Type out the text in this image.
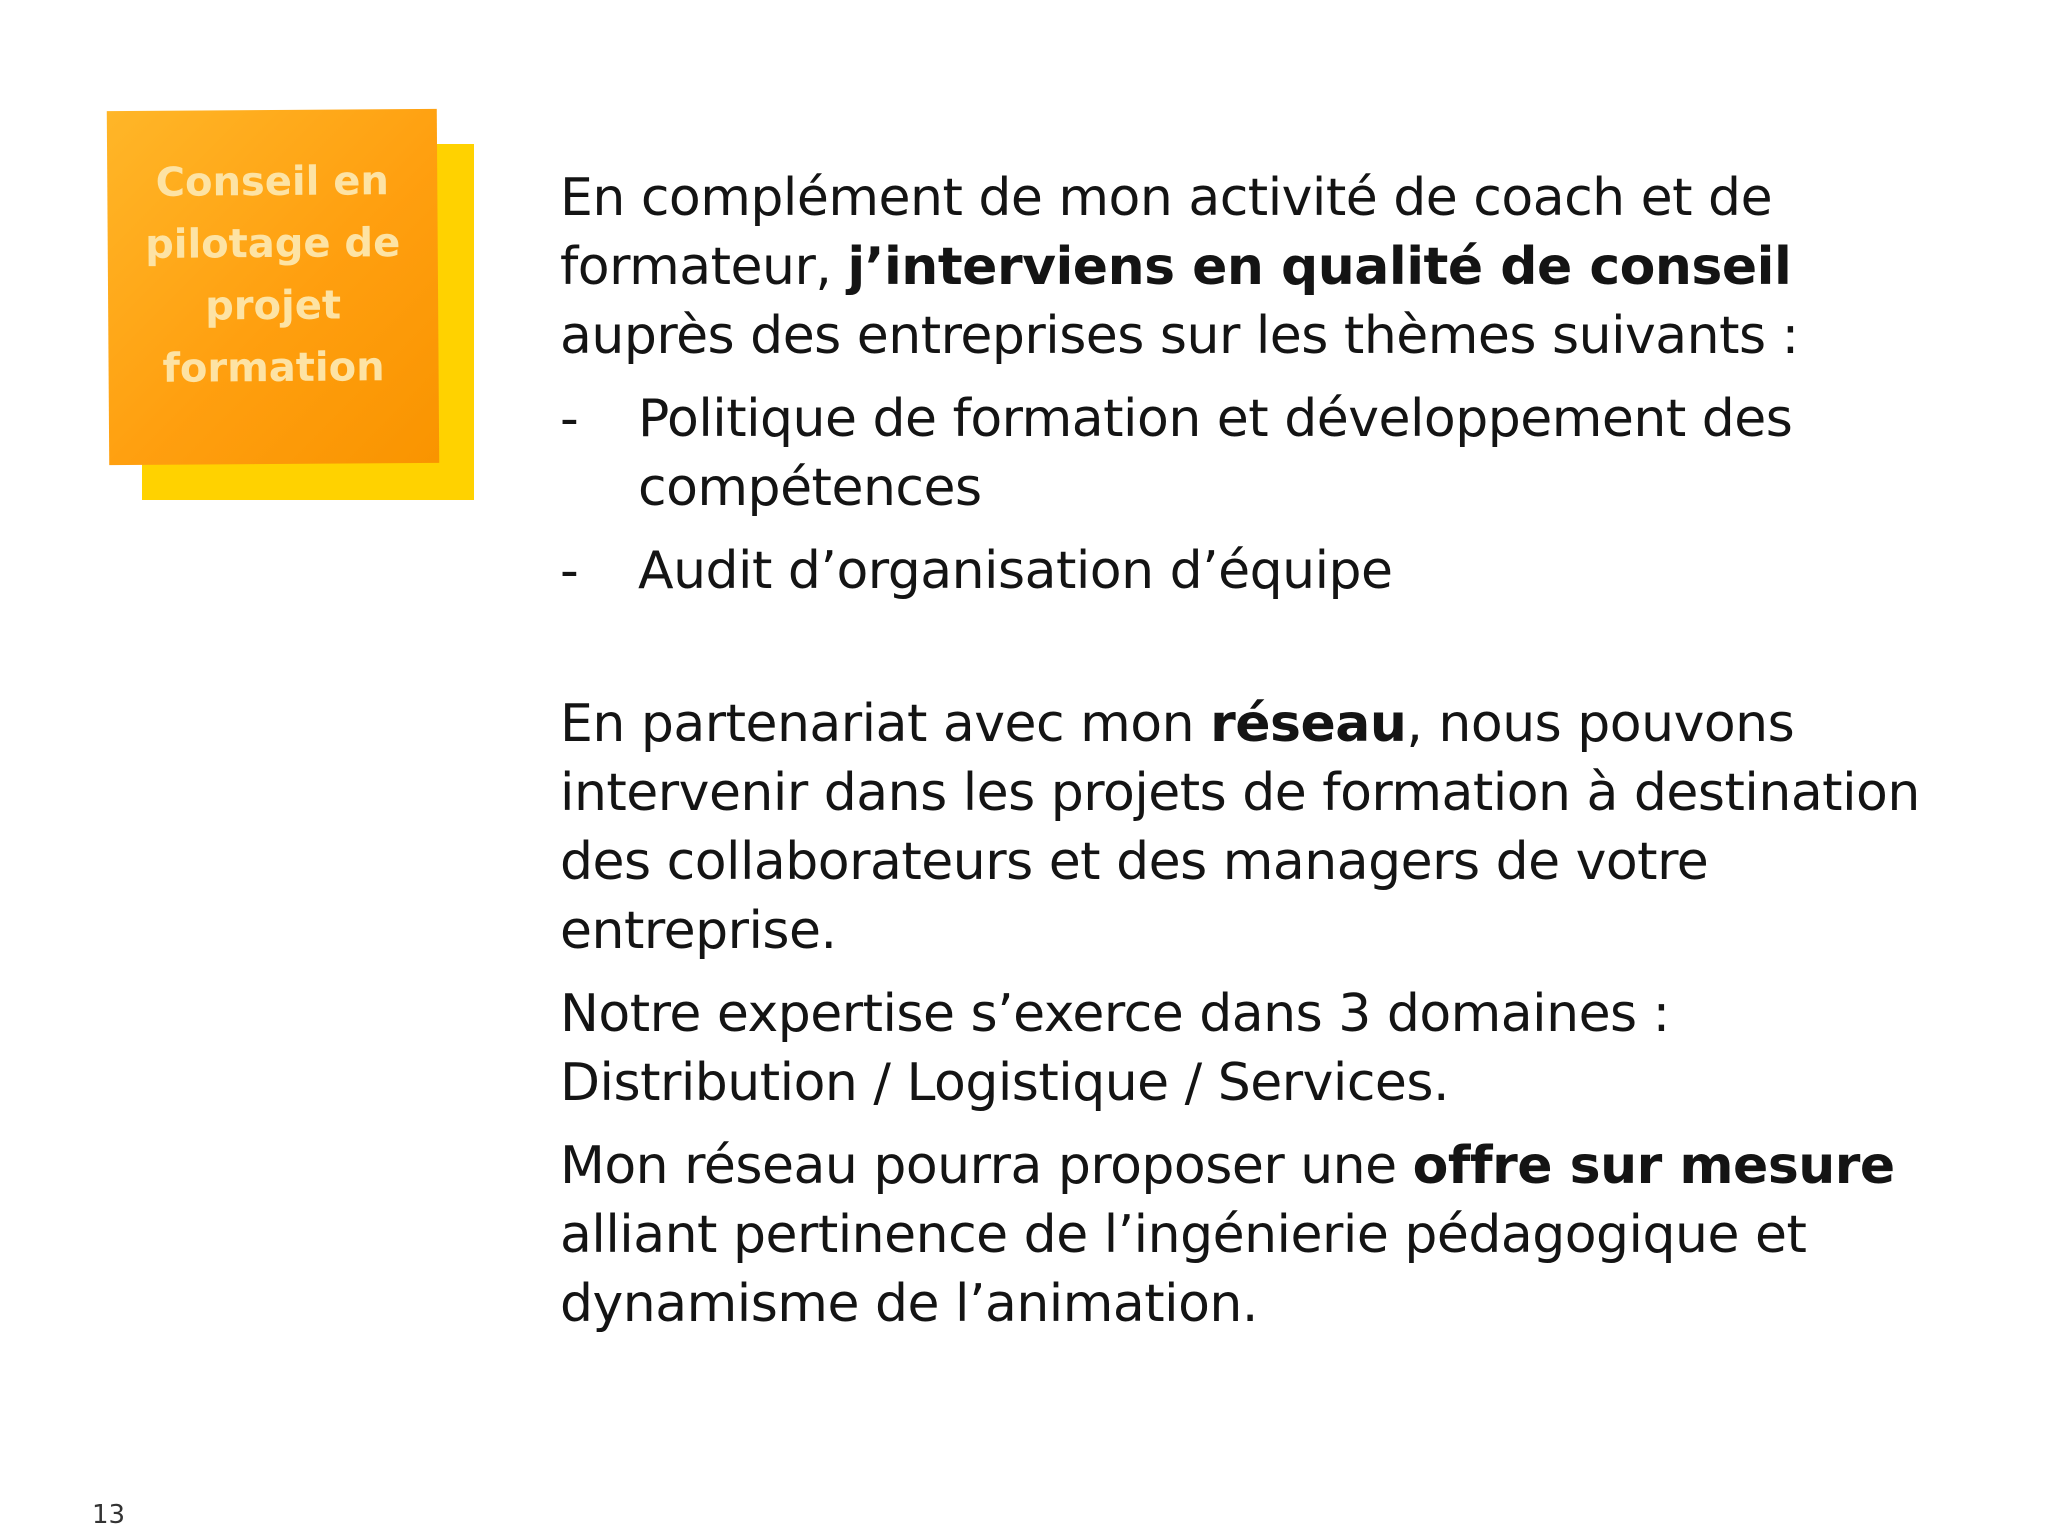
Conseil en
pilotage de
projet
formation

En complément de mon activité de coach et de formateur, j’interviens en qualité de conseil auprès des entreprises sur les thèmes suivants :

- Politique de formation et développement des compétences
- Audit d’organisation d’équipe

En partenariat avec mon réseau, nous pouvons intervenir dans les projets de formation à destination des collaborateurs et des managers de votre entreprise.

Notre expertise s’exerce dans 3 domaines : Distribution / Logistique / Services.

Mon réseau pourra proposer une offre sur mesure alliant pertinence de l’ingénierie pédagogique et dynamisme de l’animation.

13
